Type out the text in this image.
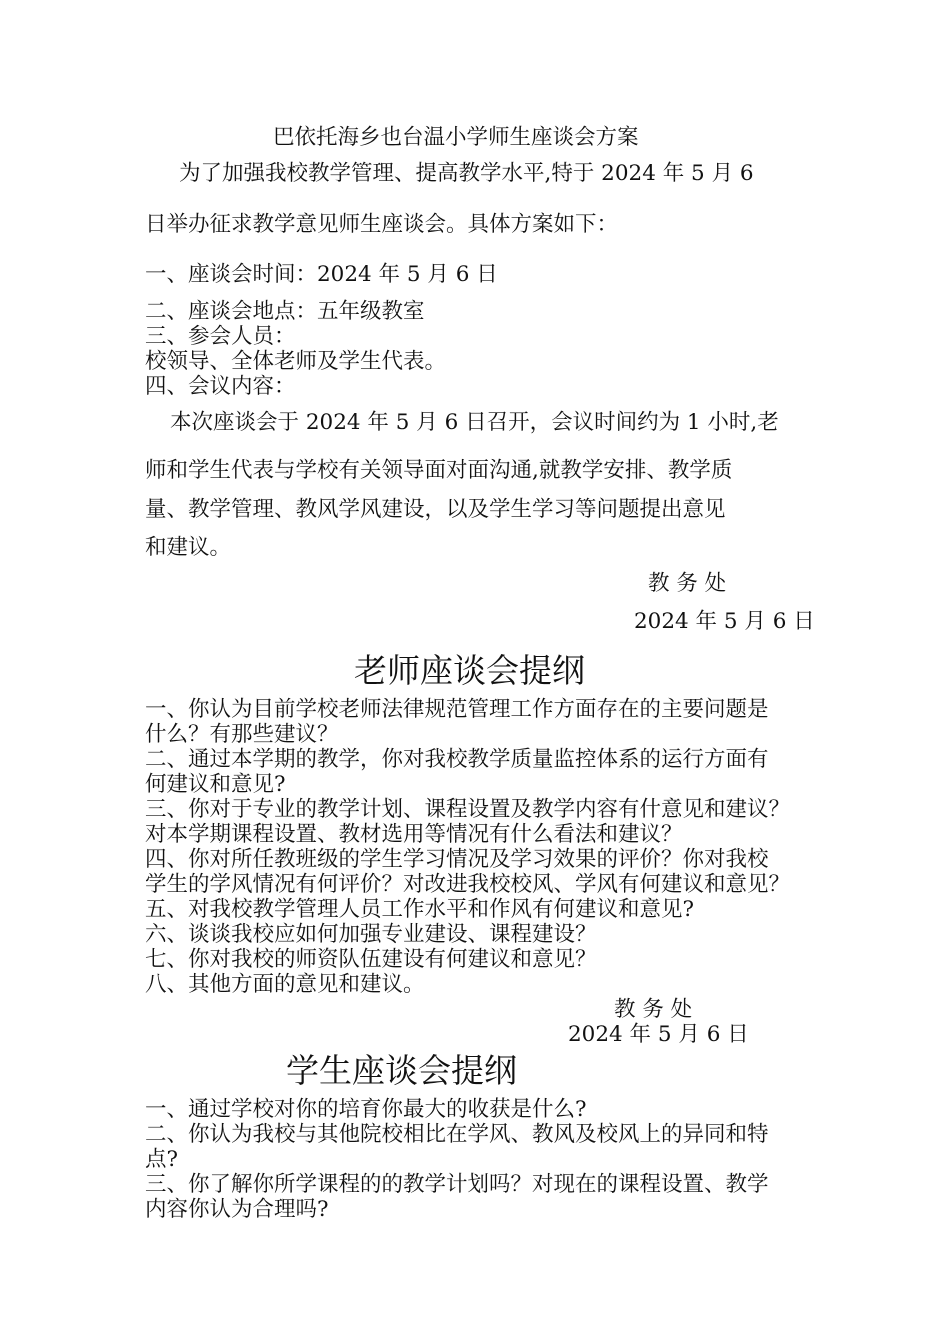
巴依托海乡也台温小学师生座谈会方案
为了加强我校教学管理、提高教学水平,特于 2024 年 5 月 6
日举办征求教学意见师生座谈会。具体方案如下：
一、座谈会时间：2024 年 5 月 6 日
二、座谈会地点：五年级教室
三、参会人员：
校领导、全体老师及学生代表。
四、会议内容：
本次座谈会于 2024 年 5 月 6 日召开，会议时间约为 1 小时,老
师和学生代表与学校有关领导面对面沟通,就教学安排、教学质
量、教学管理、教风学风建设，以及学生学习等问题提出意见
和建议。
教 务 处
2024 年 5 月 6 日
老师座谈会提纲
一、你认为目前学校老师法律规范管理工作方面存在的主要问题是
什么？有那些建议？
二、通过本学期的教学，你对我校教学质量监控体系的运行方面有
何建议和意见?
三、你对于专业的教学计划、课程设置及教学内容有什意见和建议？
对本学期课程设置、教材选用等情况有什么看法和建议？
四、你对所任教班级的学生学习情况及学习效果的评价？你对我校
学生的学风情况有何评价？对改进我校校风、学风有何建议和意见？
五、对我校教学管理人员工作水平和作风有何建议和意见?
六、谈谈我校应如何加强专业建设、课程建设？
七、你对我校的师资队伍建设有何建议和意见？
八、其他方面的意见和建议。
教 务 处
2024 年 5 月 6 日
学生座谈会提纲
一、通过学校对你的培育你最大的收获是什么?
二、你认为我校与其他院校相比在学风、教风及校风上的异同和特
点?
三、你了解你所学课程的的教学计划吗？对现在的课程设置、教学
内容你认为合理吗?
